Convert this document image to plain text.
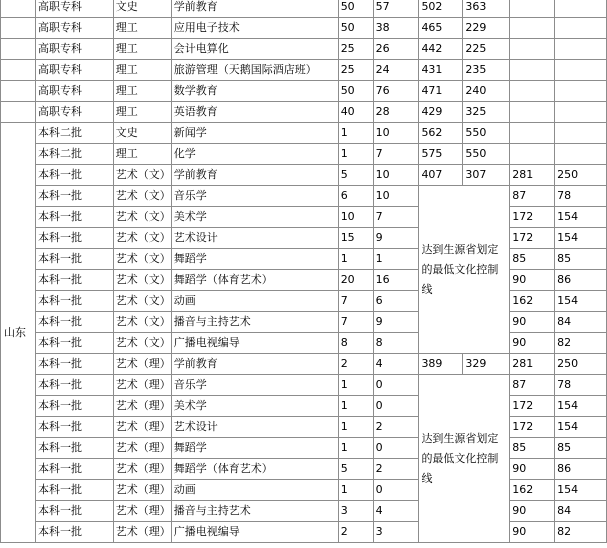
	高职专科	文史	学前教育	50	57	502	363		
	高职专科	理工	应用电子技术	50	38	465	229		
	高职专科	理工	会计电算化	25	26	442	225		
	高职专科	理工	旅游管理（天鹅国际酒店班）	25	24	431	235		
	高职专科	理工	数学教育	50	76	471	240		
	高职专科	理工	英语教育	40	28	429	325		
山东	本科二批	文史	新闻学	1	10	562	550		
	本科二批	理工	化学	1	7	575	550		
	本科一批	艺术（文）	学前教育	5	10	407	307	281	250
	本科一批	艺术（文）	音乐学	6	10	达到生源省划定的最低文化控制线		87	78
	本科一批	艺术（文）	美术学	10	7			172	154
	本科一批	艺术（文）	艺术设计	15	9			172	154
	本科一批	艺术（文）	舞蹈学	1	1			85	85
	本科一批	艺术（文）	舞蹈学（体育艺术）	20	16			90	86
	本科一批	艺术（文）	动画	7	6			162	154
	本科一批	艺术（文）	播音与主持艺术	7	9			90	84
	本科一批	艺术（文）	广播电视编导	8	8			90	82
	本科一批	艺术（理）	学前教育	2	4	389	329	281	250
	本科一批	艺术（理）	音乐学	1	0	达到生源省划定的最低文化控制线		87	78
	本科一批	艺术（理）	美术学	1	0			172	154
	本科一批	艺术（理）	艺术设计	1	2			172	154
	本科一批	艺术（理）	舞蹈学	1	0			85	85
	本科一批	艺术（理）	舞蹈学（体育艺术）	5	2			90	86
	本科一批	艺术（理）	动画	1	0			162	154
	本科一批	艺术（理）	播音与主持艺术	3	4			90	84
	本科一批	艺术（理）	广播电视编导	2	3			90	82
